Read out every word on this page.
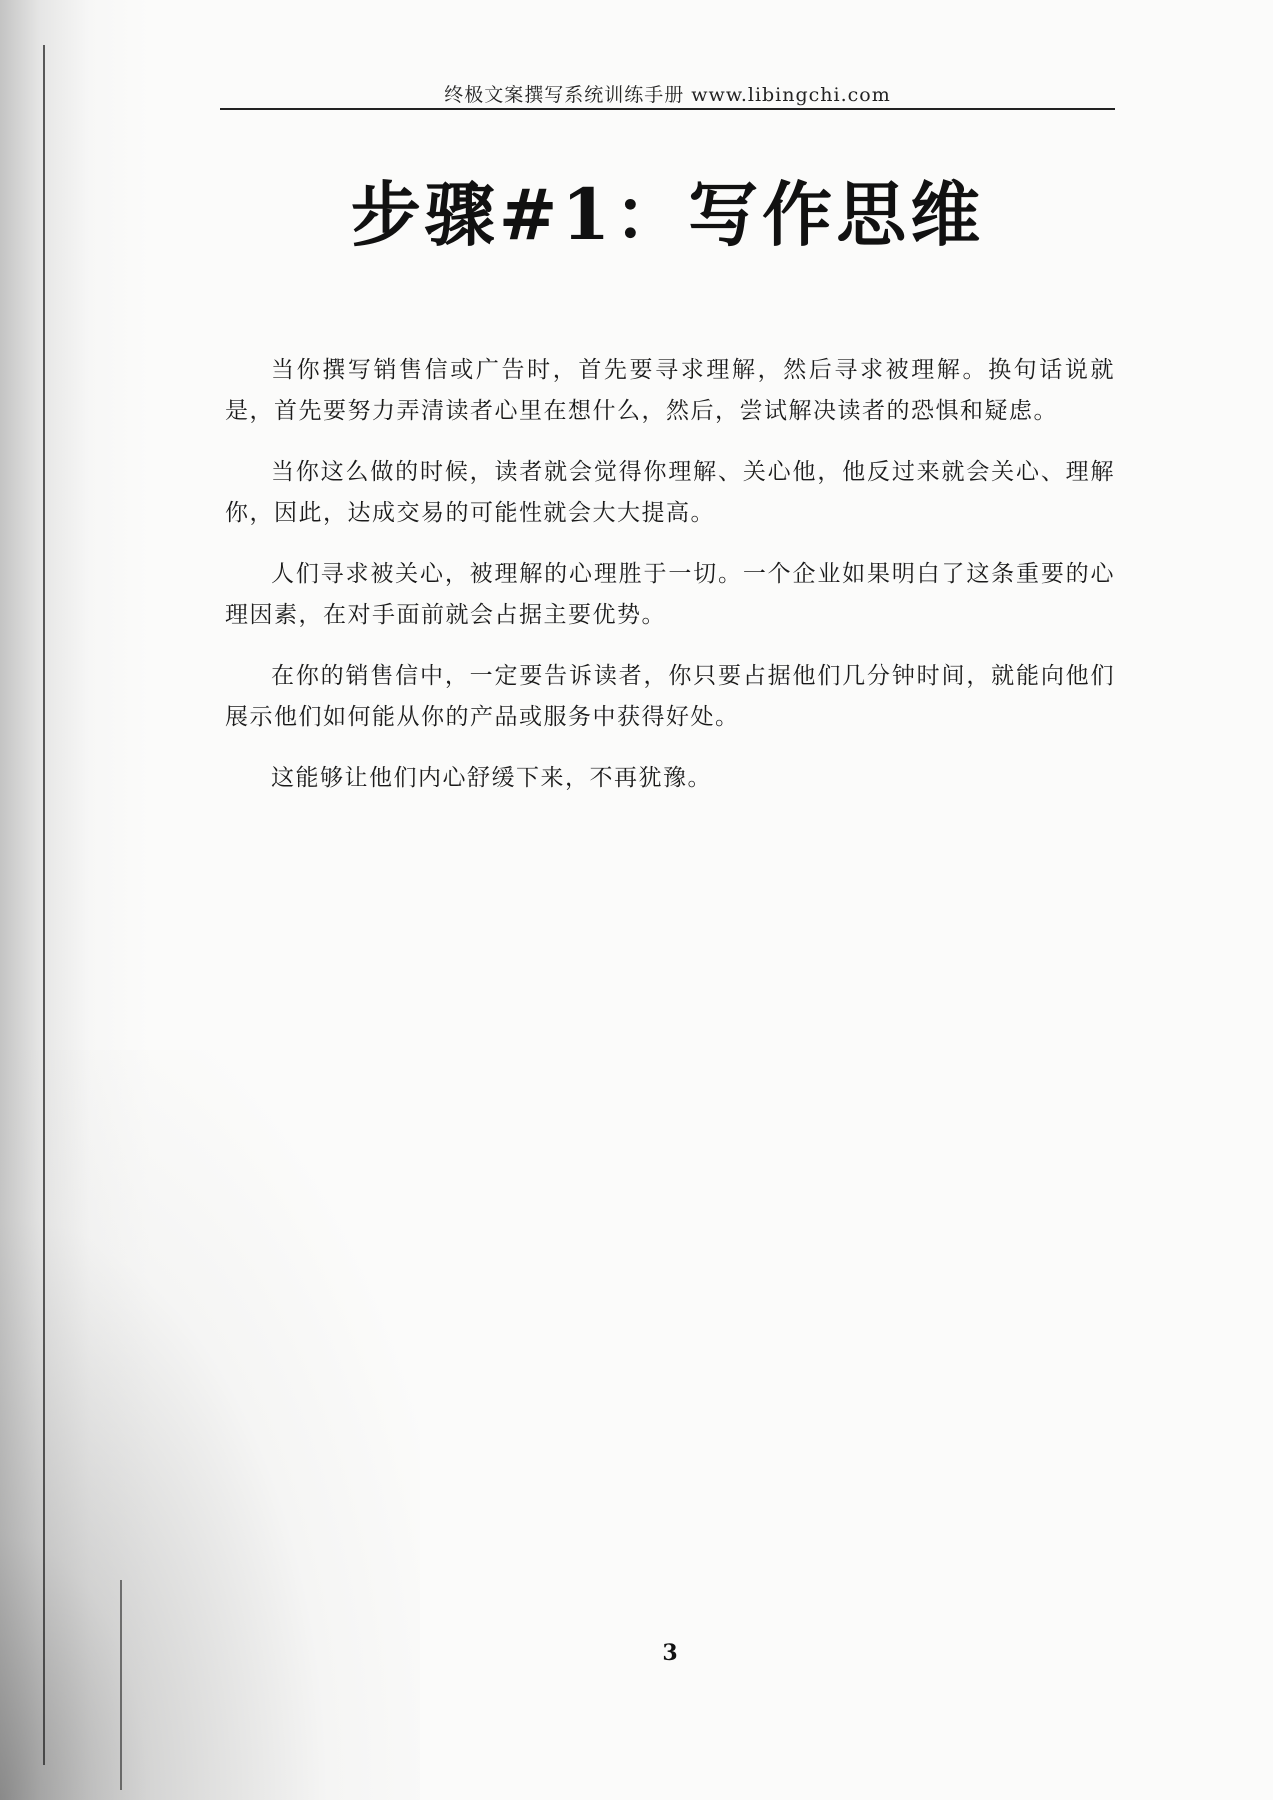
终极文案撰写系统训练手册 www.libingchi.com
步骤#1：写作思维

当你撰写销售信或广告时，首先要寻求理解，然后寻求被理解。换句话说就是，首先要努力弄清读者心里在想什么，然后，尝试解决读者的恐惧和疑虑。

当你这么做的时候，读者就会觉得你理解、关心他，他反过来就会关心、理解你，因此，达成交易的可能性就会大大提高。

人们寻求被关心，被理解的心理胜于一切。一个企业如果明白了这条重要的心理因素，在对手面前就会占据主要优势。

在你的销售信中，一定要告诉读者，你只要占据他们几分钟时间，就能向他们展示他们如何能从你的产品或服务中获得好处。

这能够让他们内心舒缓下来，不再犹豫。

3
